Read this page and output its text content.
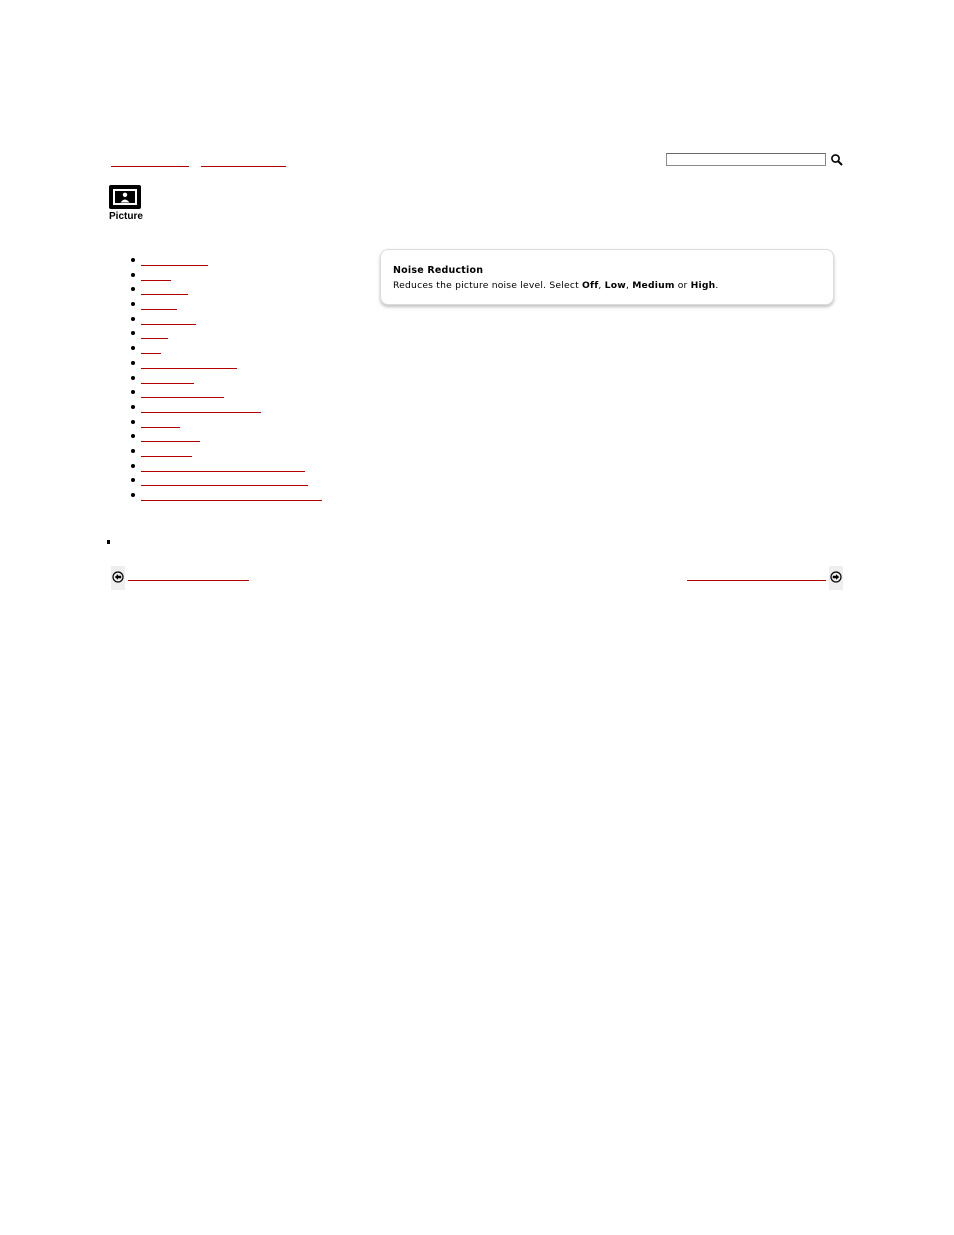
Picture
Noise Reduction
Reduces the picture noise level. Select Off, Low, Medium or High.
